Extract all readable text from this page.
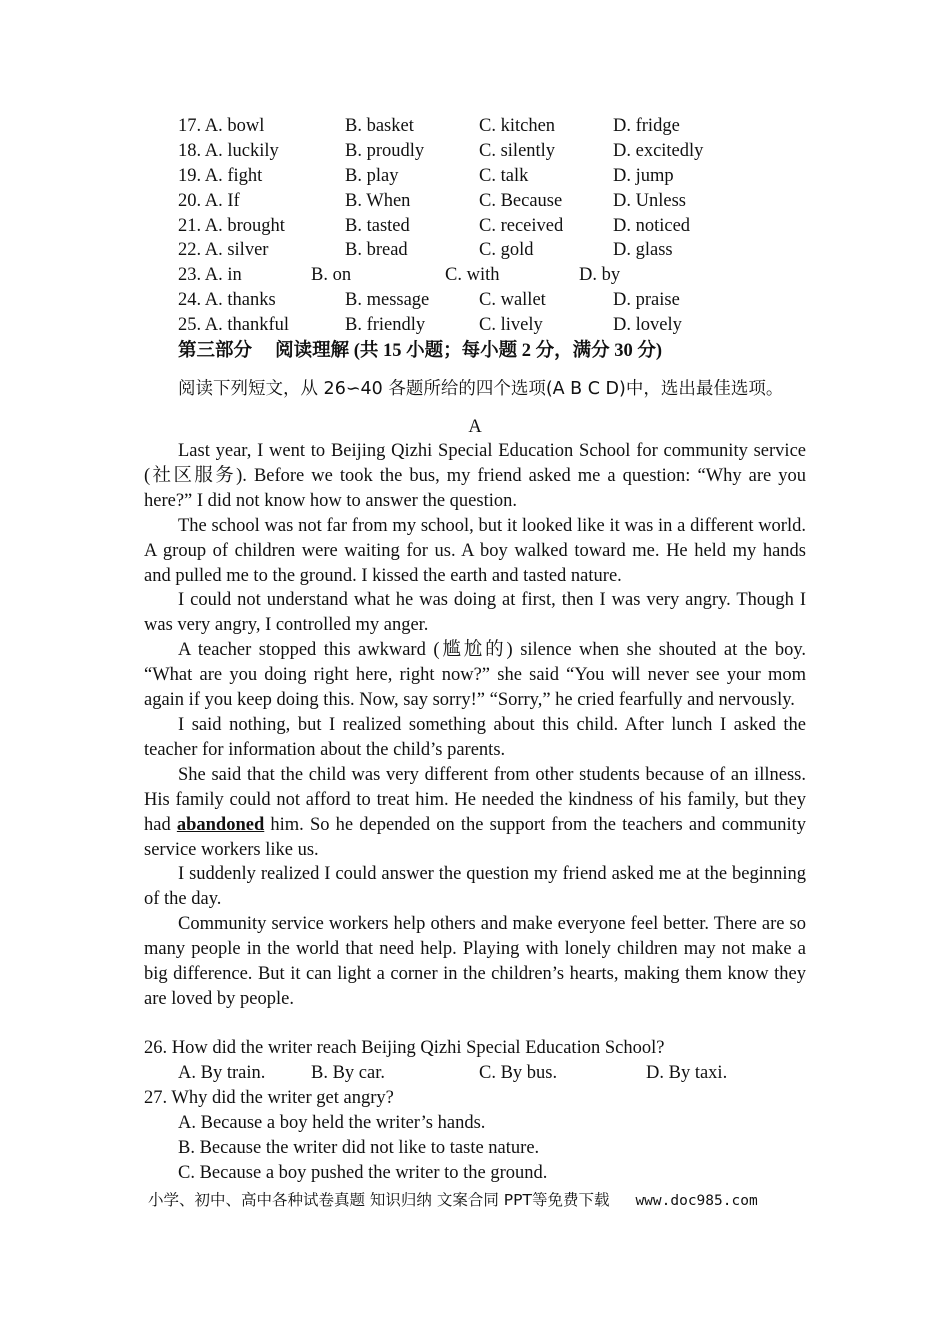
17. A. bowl	B. basket	C. kitchen	D. fridge
18. A. luckily	B. proudly	C. silently	D. excitedly
19. A. fight	B. play	C. talk	D. jump
20. A. If	B. When	C. Because	D. Unless
21. A. brought	B. tasted	C. received	D. noticed
22. A. silver	B. bread	C. gold	D. glass
23. A. in	B. on	C. with	D. by
24. A. thanks	B. message	C. wallet	D. praise
25. A. thankful	B. friendly	C. lively	D. lovely
第三部分　 阅读理解 (共 15 小题；每小题 2 分，满分 30 分)
阅读下列短文，从 26∽40 各题所给的四个选项(A B C D)中，选出最佳选项。
A

Last year, I went to Beijing Qizhi Special Education School for community service (社区服务). Before we took the bus, my friend asked me a question: “Why are you here?” I did not know how to answer the question.

The school was not far from my school, but it looked like it was in a different world. A group of children were waiting for us. A boy walked toward me. He held my hands and pulled me to the ground. I kissed the earth and tasted nature.

I could not understand what he was doing at first, then I was very angry. Though I was very angry, I controlled my anger.

A teacher stopped this awkward (尴尬的) silence when she shouted at the boy. “What are you doing right here, right now?” she said “You will never see your mom again if you keep doing this. Now, say sorry!” “Sorry,” he cried fearfully and nervously.

I said nothing, but I realized something about this child. After lunch I asked the teacher for information about the child’s parents.

She said that the child was very different from other students because of an illness. His family could not afford to treat him. He needed the kindness of his family, but they had abandoned him. So he depended on the support from the teachers and community service workers like us.

I suddenly realized I could answer the question my friend asked me at the beginning of the day.

Community service workers help others and make everyone feel better. There are so many people in the world that need help. Playing with lonely children may not make a big difference. But it can light a corner in the children’s hearts, making them know they are loved by people.

26. How did the writer reach Beijing Qizhi Special Education School?

A. By train. B. By car.	C. By bus.	D. By taxi.

27. Why did the writer get angry?

A. Because a boy held the writer’s hands.

B. Because the writer did not like to taste nature.

C. Because a boy pushed the writer to the ground.

小学、初中、高中各种试卷真题 知识归纳 文案合同 PPT等免费下载 www.doc985.com
